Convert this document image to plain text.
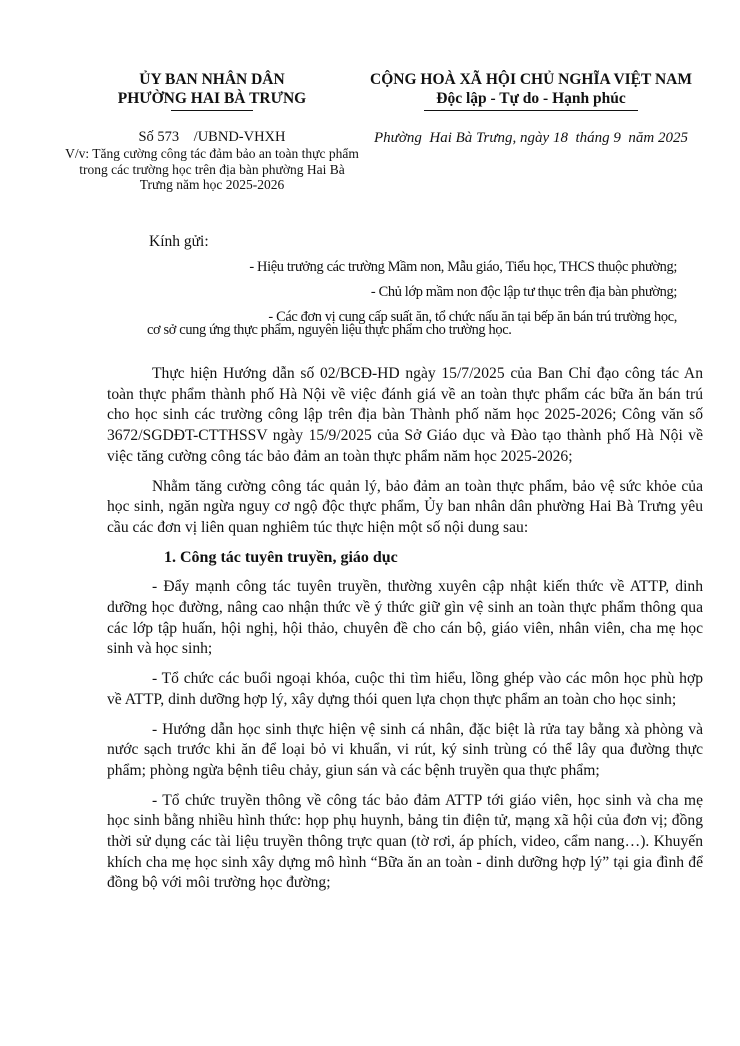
ỦY BAN NHÂN DÂN
PHƯỜNG HAI BÀ TRƯNG
CỘNG HOÀ XÃ HỘI CHỦ NGHĨA VIỆT NAM
Độc lập - Tự do - Hạnh phúc
Số 573    /UBND-VHXH
V/v: Tăng cường công tác đảm bảo an toàn thực phẩm trong các trường học trên địa bàn phường Hai Bà Trưng năm học 2025-2026
Phường  Hai Bà Trưng, ngày 18  tháng 9  năm 2025
Kính gửi:

- Hiệu trưởng các trường Mầm non, Mẫu giáo, Tiểu học, THCS thuộc phường;

- Chủ lớp mầm non độc lập tư thục trên địa bàn phường;

- Các đơn vị cung cấp suất ăn, tổ chức nấu ăn tại bếp ăn bán trú trường học,

cơ sở cung ứng thực phẩm, nguyên liệu thực phẩm cho trường học.

Thực hiện Hướng dẫn số 02/BCĐ-HD ngày 15/7/2025 của Ban Chỉ đạo công tác An toàn thực phẩm thành phố Hà Nội về việc đánh giá về an toàn thực phẩm các bữa ăn bán trú cho học sinh các trường công lập trên địa bàn Thành phố năm học 2025-2026; Công văn số 3672/SGDĐT-CTTHSSV ngày 15/9/2025 của Sở Giáo dục và Đào tạo thành phố Hà Nội về việc tăng cường công tác bảo đảm an toàn thực phẩm năm học 2025-2026;

Nhằm tăng cường công tác quản lý, bảo đảm an toàn thực phẩm, bảo vệ sức khỏe của học sinh, ngăn ngừa nguy cơ ngộ độc thực phẩm, Ủy ban nhân dân phường Hai Bà Trưng yêu cầu các đơn vị liên quan nghiêm túc thực hiện một số nội dung sau:

1. Công tác tuyên truyền, giáo dục

- Đẩy mạnh công tác tuyên truyền, thường xuyên cập nhật kiến thức về ATTP, dinh dưỡng học đường, nâng cao nhận thức về ý thức giữ gìn vệ sinh an toàn thực phẩm thông qua các lớp tập huấn, hội nghị, hội thảo, chuyên đề cho cán bộ, giáo viên, nhân viên, cha mẹ học sinh và học sinh;

- Tổ chức các buổi ngoại khóa, cuộc thi tìm hiểu, lồng ghép vào các môn học phù hợp về ATTP, dinh dưỡng hợp lý, xây dựng thói quen lựa chọn thực phẩm an toàn cho học sinh;

- Hướng dẫn học sinh thực hiện vệ sinh cá nhân, đặc biệt là rửa tay bằng xà phòng và nước sạch trước khi ăn để loại bỏ vi khuẩn, vi rút, ký sinh trùng có thể lây qua đường thực phẩm; phòng ngừa bệnh tiêu chảy, giun sán và các bệnh truyền qua thực phẩm;

- Tổ chức truyền thông về công tác bảo đảm ATTP tới giáo viên, học sinh và cha mẹ học sinh bằng nhiều hình thức: họp phụ huynh, bảng tin điện tử, mạng xã hội của đơn vị; đồng thời sử dụng các tài liệu truyền thông trực quan (tờ rơi, áp phích, video, cẩm nang…). Khuyến khích cha mẹ học sinh xây dựng mô hình “Bữa ăn an toàn - dinh dưỡng hợp lý” tại gia đình để đồng bộ với môi trường học đường;
